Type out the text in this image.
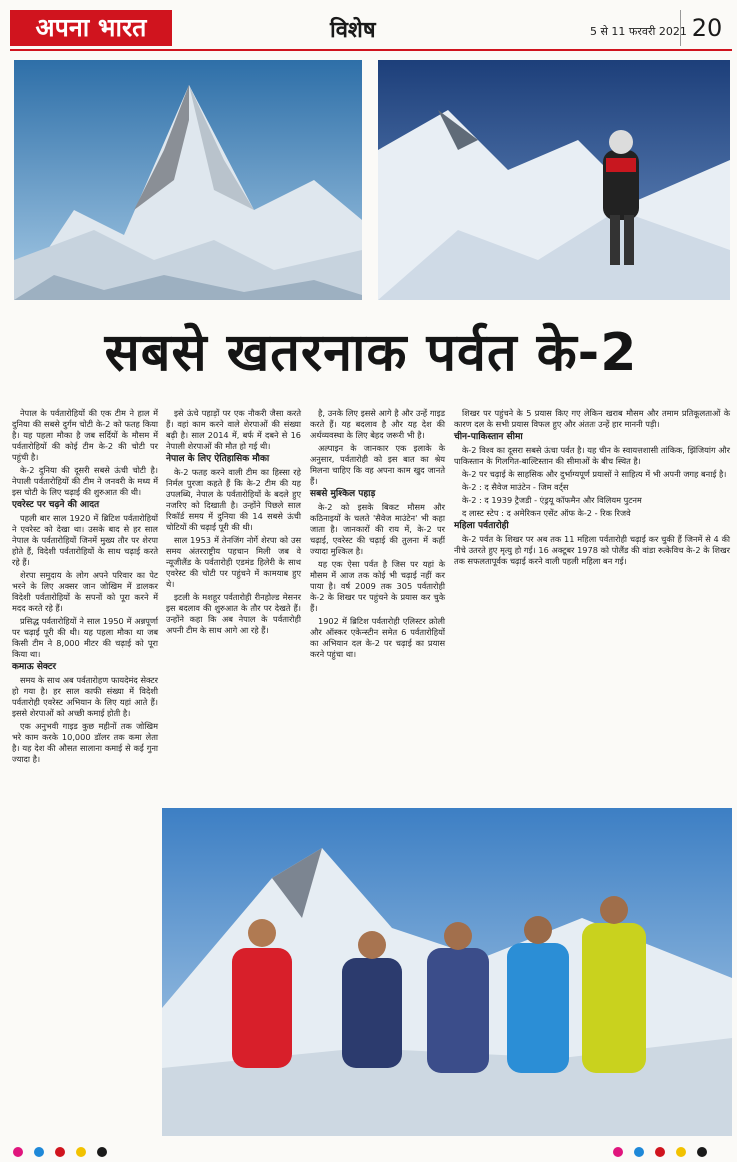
अपना भारत	विशेष	5 से 11 फरवरी 2021 20
सबसे खतरनाक पर्वत के-2

नेपाल के पर्वतारोहियों की एक टीम ने हाल में दुनिया की सबसे दुर्गम चोटी के-2 को फतह किया है। यह पहला मौका है जब सर्दियों के मौसम में पर्वतारोहियों की कोई टीम के-2 की चोटी पर पहुंची है।

के-2 दुनिया की दूसरी सबसे ऊंची चोटी है। नेपाली पर्वतारोहियों की टीम ने जनवरी के मध्य में इस चोटी के लिए चढ़ाई की शुरुआत की थी।

एवरेस्ट पर चढ़ने की आदत

पहली बार साल 1920 में ब्रिटिश पर्वतारोहियों ने एवरेस्ट को देखा था। उसके बाद से हर साल नेपाल के पर्वतारोहियों जिनमें मुख्य तौर पर शेरपा होते हैं, विदेशी पर्वतारोहियों के साथ चढ़ाई करते रहे हैं।

शेरपा समुदाय के लोग अपने परिवार का पेट भरने के लिए अक्सर जान जोखिम में डालकर विदेशी पर्वतारोहियों के सपनों को पूरा करने में मदद करते रहे हैं।

प्रसिद्ध पर्वतारोहियों ने साल 1950 में अन्नपूर्णा पर चढ़ाई पूरी की थी। यह पहला मौका था जब किसी टीम ने 8,000 मीटर की चढ़ाई को पूरा किया था।

कमाऊ सेक्टर

समय के साथ अब पर्वतारोहण फायदेमंद सेक्टर हो गया है। हर साल काफी संख्या में विदेशी पर्वतारोही एवरेस्ट अभियान के लिए यहां आते हैं। इससे शेरपाओं को अच्छी कमाई होती है।

एक अनुभवी गाइड कुछ महीनों तक जोखिम भरे काम करके 10,000 डॉलर तक कमा लेता है। यह देश की औसत सालाना कमाई से कई गुना ज्यादा है।

इसे ऊंचे पहाड़ों पर एक नौकरी जैसा करते हैं। वहां काम करने वाले शेरपाओं की संख्या बढ़ी है। साल 2014 में, बर्फ में दबने से 16 नेपाली शेरपाओं की मौत हो गई थी।

नेपाल के लिए ऐतिहासिक मौका

के-2 फतह करने वाली टीम का हिस्सा रहे निर्मल पुरजा कहते हैं कि के-2 टीम की यह उपलब्धि, नेपाल के पर्वतारोहियों के बदले हुए नजरिए को दिखाती है। उन्होंने पिछले साल रिकॉर्ड समय में दुनिया की 14 सबसे ऊंची चोटियों की चढ़ाई पूरी की थी।

साल 1953 में तेनजिंग नोर्गे शेरपा को उस समय अंतरराष्ट्रीय पहचान मिली जब वे न्यूजीलैंड के पर्वतारोही एडमंड हिलेरी के साथ एवरेस्ट की चोटी पर पहुंचने में कामयाब हुए थे।

इटली के मशहूर पर्वतारोही रीनहोल्ड मेसनर इस बदलाव की शुरुआत के तौर पर देखते हैं। उन्होंने कहा कि अब नेपाल के पर्वतारोही अपनी टीम के साथ आगे आ रहे हैं।

है, उनके लिए इससे आगे है और उन्हें गाइड करते हैं। यह बदलाव है और यह देश की अर्थव्यवस्था के लिए बेहद जरूरी भी है।

अल्पाइन के जानकार एक इलाके के अनुसार, पर्वतारोही को इस बात का श्रेय मिलना चाहिए कि वह अपना काम खुद जानते हैं।

सबसे मुश्किल पहाड़

के-2 को इसके बिकट मौसम और कठिनाइयों के चलते 'सैवेज माउंटेन' भी कहा जाता है। जानकारों की राय में, के-2 पर चढ़ाई, एवरेस्ट की चढ़ाई की तुलना में कहीं ज्यादा मुश्किल है।

यह एक ऐसा पर्वत है जिस पर यहां के मौसम में आज तक कोई भी चढ़ाई नहीं कर पाया है। वर्ष 2009 तक 305 पर्वतारोही के-2 के शिखर पर पहुंचने के प्रयास कर चुके हैं।

1902 में ब्रिटिश पर्वतारोही एलिस्टर क्रोली और ऑस्कर एकेन्स्टीन समेत 6 पर्वतारोहियों का अभियान दल के-2 पर चढ़ाई का प्रयास करने पहुंचा था।

शिखर पर पहुंचने के 5 प्रयास किए गए लेकिन खराब मौसम और तमाम प्रतिकूलताओं के कारण दल के सभी प्रयास विफल हुए और अंततः उन्हें हार माननी पड़ी।

चीन-पाकिस्तान सीमा

के-2 विश्व का दूसरा सबसे ऊंचा पर्वत है। यह चीन के स्वायत्तशासी तांकिक, झिंजियांग और पाकिस्तान के गिलगित-बाल्टिस्तान की सीमाओं के बीच स्थित है।

के-2 पर चढ़ाई के साहसिक और दुर्भाग्यपूर्ण प्रयासों ने साहित्य में भी अपनी जगह बनाई है।

के-2 : द सैवेज माउंटेन - जिम वर्ट्स

के-2 : द 1939 ट्रैजडी - एंड्रयू कॉफमैन और विलियम पुटनम

द लास्ट स्टेप : द अमेरिकन एसेंट ऑफ के-2 - रिक रिजवे

महिला पर्वतारोही

के-2 पर्वत के शिखर पर अब तक 11 महिला पर्वतारोही चढ़ाई कर चुकी हैं जिनमें से 4 की नीचे उतरते हुए मृत्यु हो गई। 16 अक्टूबर 1978 को पोलैंड की वांडा रुत्केविच के-2 के शिखर तक सफलतापूर्वक चढ़ाई करने वाली पहली महिला बन गई।
